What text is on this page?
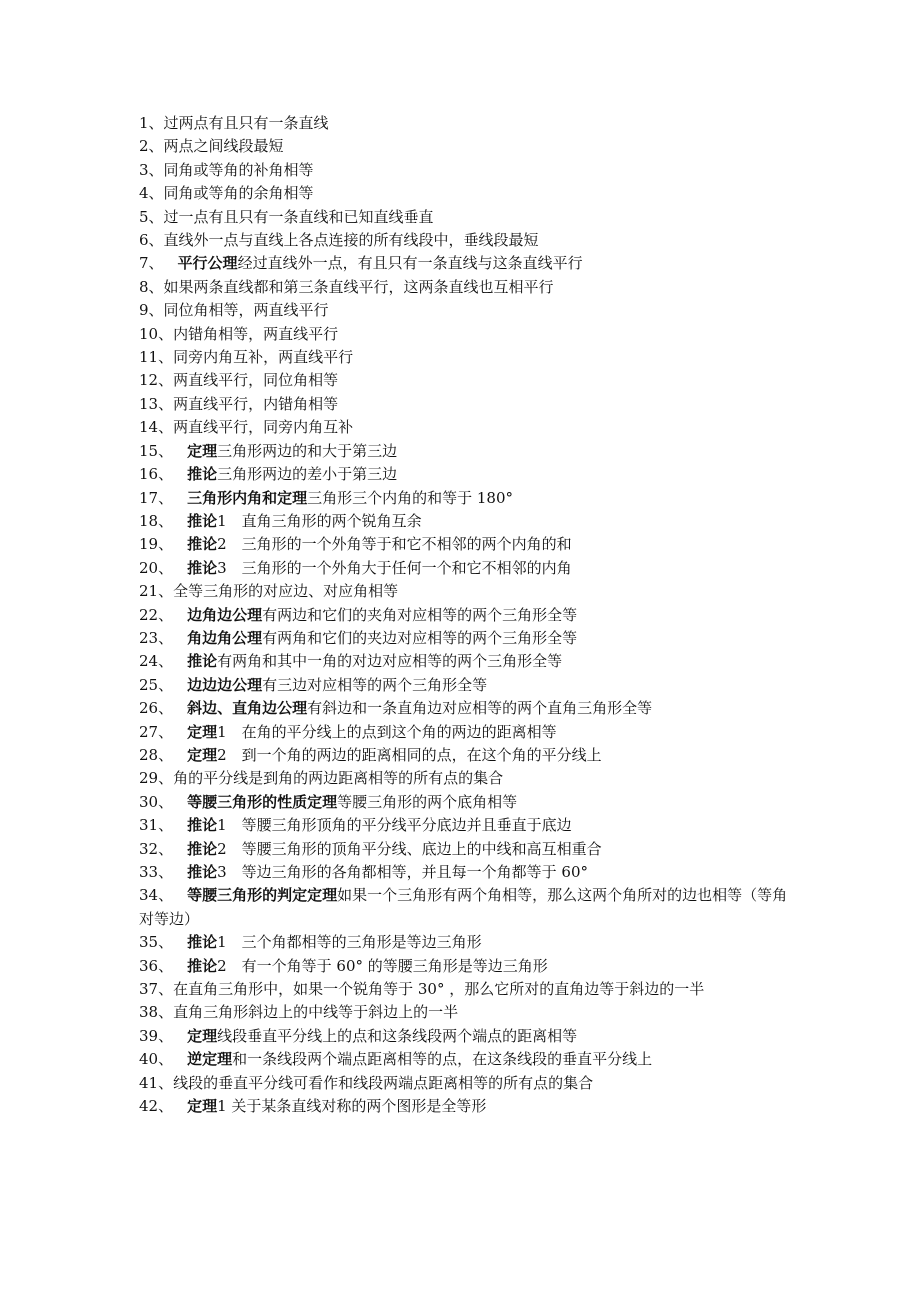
1、过两点有且只有一条直线
2、两点之间线段最短
3、同角或等角的补角相等
4、同角或等角的余角相等
5、过一点有且只有一条直线和已知直线垂直
6、直线外一点与直线上各点连接的所有线段中，垂线段最短
7、 平行公理经过直线外一点，有且只有一条直线与这条直线平行
8、如果两条直线都和第三条直线平行，这两条直线也互相平行
9、同位角相等，两直线平行
10、内错角相等，两直线平行
11、同旁内角互补，两直线平行
12、两直线平行，同位角相等
13、两直线平行，内错角相等
14、两直线平行，同旁内角互补
15、 定理三角形两边的和大于第三边
16、 推论三角形两边的差小于第三边
17、 三角形内角和定理三角形三个内角的和等于 180°
18、 推论1　直角三角形的两个锐角互余
19、 推论2　三角形的一个外角等于和它不相邻的两个内角的和
20、 推论3　三角形的一个外角大于任何一个和它不相邻的内角
21、全等三角形的对应边、对应角相等
22、 边角边公理有两边和它们的夹角对应相等的两个三角形全等
23、 角边角公理有两角和它们的夹边对应相等的两个三角形全等
24、 推论有两角和其中一角的对边对应相等的两个三角形全等
25、 边边边公理有三边对应相等的两个三角形全等
26、 斜边、直角边公理有斜边和一条直角边对应相等的两个直角三角形全等
27、 定理1　在角的平分线上的点到这个角的两边的距离相等
28、 定理2　到一个角的两边的距离相同的点，在这个角的平分线上
29、角的平分线是到角的两边距离相等的所有点的集合
30、 等腰三角形的性质定理等腰三角形的两个底角相等
31、 推论1　等腰三角形顶角的平分线平分底边并且垂直于底边
32、 推论2　等腰三角形的顶角平分线、底边上的中线和高互相重合
33、 推论3　等边三角形的各角都相等，并且每一个角都等于 60°
34、 等腰三角形的判定定理如果一个三角形有两个角相等，那么这两个角所对的边也相等（等角对等边）
35、 推论1　三个角都相等的三角形是等边三角形
36、 推论2　有一个角等于 60° 的等腰三角形是等边三角形
37、在直角三角形中，如果一个锐角等于 30° ，那么它所对的直角边等于斜边的一半
38、直角三角形斜边上的中线等于斜边上的一半
39、 定理线段垂直平分线上的点和这条线段两个端点的距离相等
40、 逆定理和一条线段两个端点距离相等的点，在这条线段的垂直平分线上
41、线段的垂直平分线可看作和线段两端点距离相等的所有点的集合
42、 定理1 关于某条直线对称的两个图形是全等形
